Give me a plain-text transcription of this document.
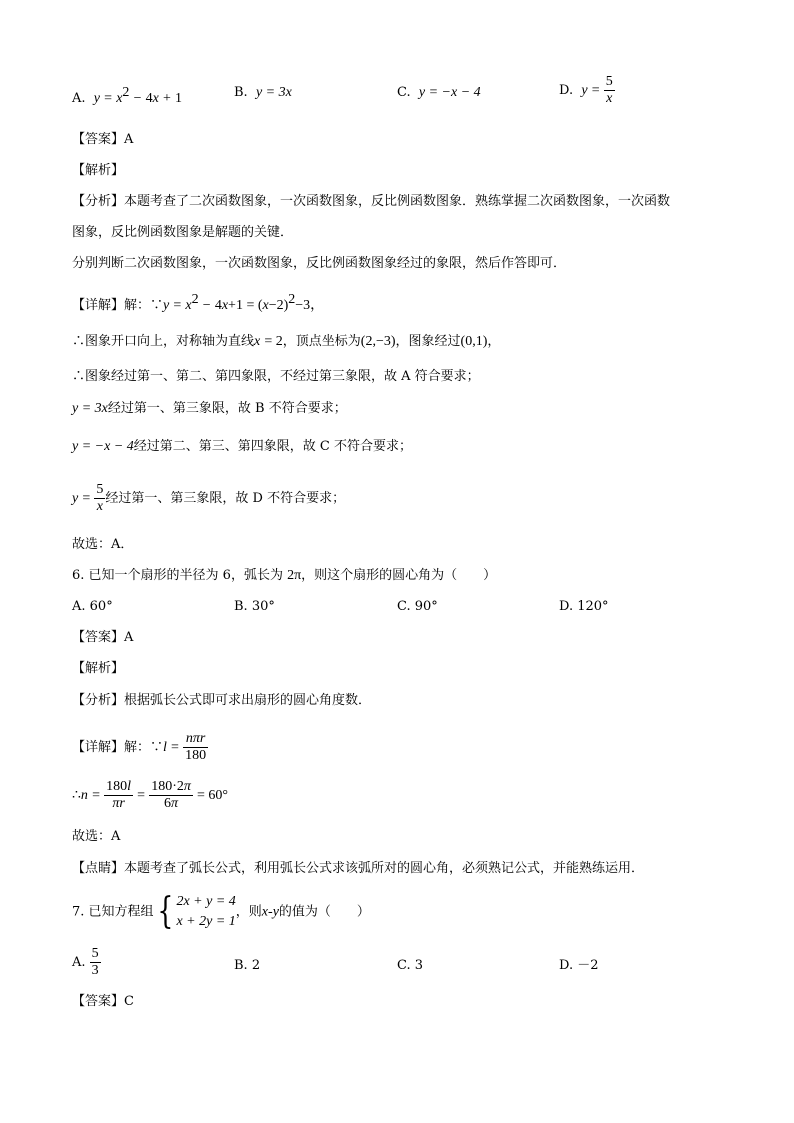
A. $y = x^2 - 4x + 1$	B. y = 3x	C. y = −x − 4	D. $y = \frac{5}{x}$
【答案】A
【解析】
【分析】本题考查了二次函数图象，一次函数图象，反比例函数图象．熟练掌握二次函数图象，一次函数
图象，反比例函数图象是解题的关键．
分别判断二次函数图象，一次函数图象，反比例函数图象经过的象限，然后作答即可．
【详解】解：∵y = $x^2 - 4x+1 = (x-2)^2-3$，
∴图象开口向上，对称轴为直线x = 2，顶点坐标为(2,−3)，图象经过(0,1)，
∴图象经过第一、第二、第四象限，不经过第三象限，故 A 符合要求；
y = 3x经过第一、第三象限，故 B 不符合要求；
y = −x − 4经过第二、第三、第四象限，故 C 不符合要求；
$y = \frac{5}{x}$ 经过第一、第三象限，故 D 不符合要求；
故选：A．
6. 已知一个扇形的半径为 6，弧长为 2π，则这个扇形的圆心角为（　　）
A. 60°	B. 30°	C. 90°	D. 120°
【答案】A
【解析】
【分析】根据弧长公式即可求出扇形的圆心角度数．
【详解】解：∵l = $\frac{\text{nπr}}{180}$
∴n = $\frac{180l}{\pi r} = \frac{180\cdot 2\pi}{6\pi} = 60^\circ$
故选：A
【点睛】本题考查了弧长公式，利用弧长公式求该弧所对的圆心角，必须熟记公式，并能熟练运用．
7. 已知方程组{ 2x + y = 4
x + 2y = 1
，则x-y的值为（　　）
A. $\frac{5}{3}$	B. 2	C. 3	D. －2
【答案】C
